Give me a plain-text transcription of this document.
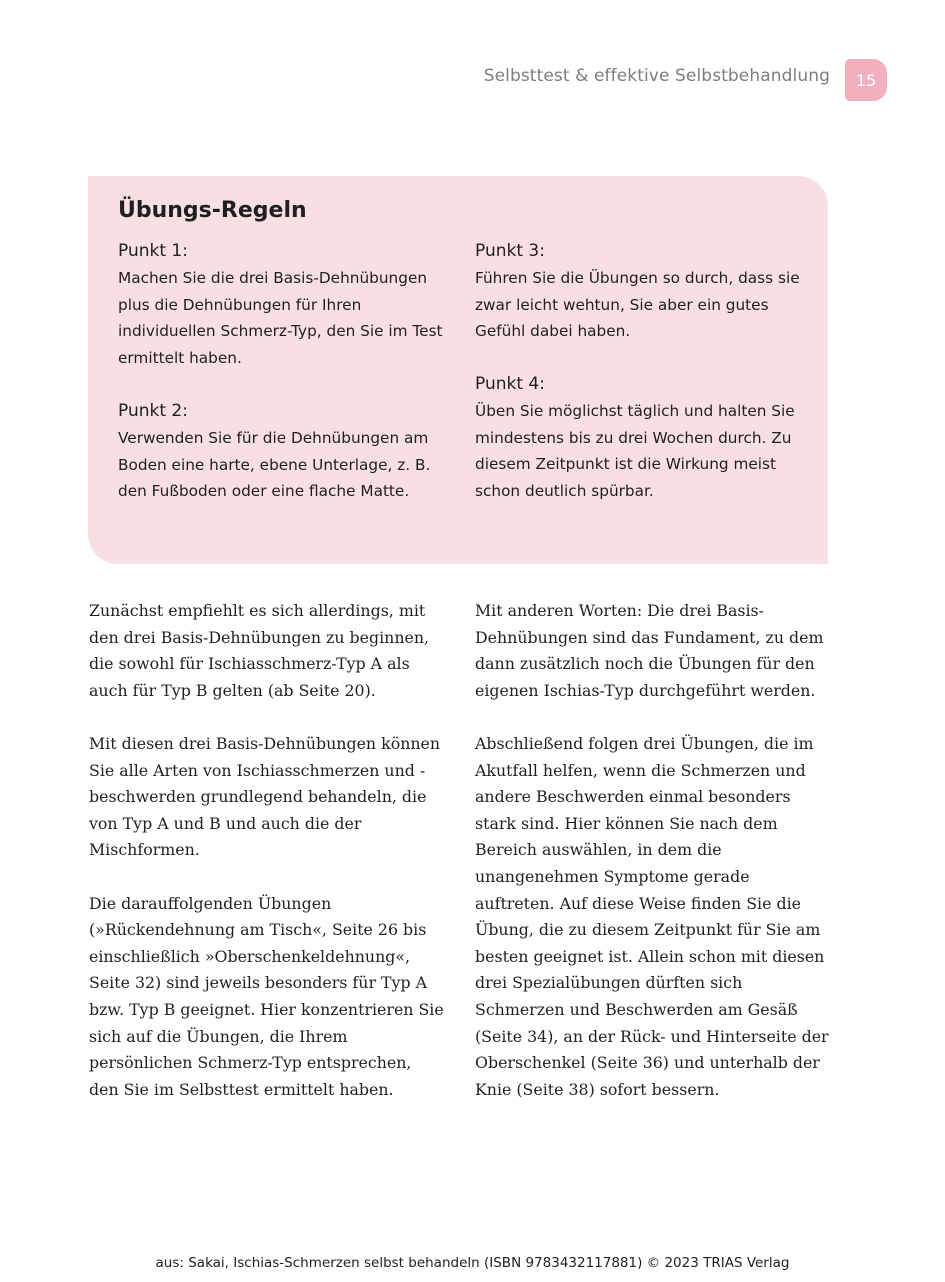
Selbsttest & effektive Selbstbehandlung	15
Übungs-Regeln
Punkt 1:

Machen Sie die drei Basis-Dehnübungen plus die Dehnübungen für Ihren individuellen Schmerz-Typ, den Sie im Test ermittelt haben.

Punkt 2:

Verwenden Sie für die Dehnübungen am Boden eine harte, ebene Unterlage, z. B. den Fußboden oder eine flache Matte.

Punkt 3:

Führen Sie die Übungen so durch, dass sie zwar leicht wehtun, Sie aber ein gutes Gefühl dabei haben.

Punkt 4:

Üben Sie möglichst täglich und halten Sie mindestens bis zu drei Wochen durch. Zu diesem Zeitpunkt ist die Wirkung meist schon deutlich spürbar.

Zunächst empfiehlt es sich allerdings, mit den drei Basis-Dehnübungen zu beginnen, die sowohl für Ischiasschmerz-Typ A als auch für Typ B gelten (ab Seite 20).

Mit diesen drei Basis-Dehnübungen können Sie alle Arten von Ischiasschmerzen und -beschwerden grundlegend behandeln, die von Typ A und B und auch die der Mischformen.

Die darauffolgenden Übungen (»Rückendehnung am Tisch«, Seite 26 bis einschließlich »Oberschenkeldehnung«, Seite 32) sind jeweils besonders für Typ A bzw. Typ B geeignet. Hier konzentrieren Sie sich auf die Übungen, die Ihrem persönlichen Schmerz-Typ entsprechen, den Sie im Selbsttest ermittelt haben.

Mit anderen Worten: Die drei Basis-Dehnübungen sind das Fundament, zu dem dann zusätzlich noch die Übungen für den eigenen Ischias-Typ durchgeführt werden.

Abschließend folgen drei Übungen, die im Akutfall helfen, wenn die Schmerzen und andere Beschwerden einmal besonders stark sind. Hier können Sie nach dem Bereich auswählen, in dem die unangenehmen Symptome gerade auftreten. Auf diese Weise finden Sie die Übung, die zu diesem Zeitpunkt für Sie am besten geeignet ist. Allein schon mit diesen drei Spezialübungen dürften sich Schmerzen und Beschwerden am Gesäß (Seite 34), an der Rück- und Hinterseite der Oberschenkel (Seite 36) und unterhalb der Knie (Seite 38) sofort bessern.

aus: Sakai, Ischias-Schmerzen selbst behandeln (ISBN 9783432117881) © 2023 TRIAS Verlag
